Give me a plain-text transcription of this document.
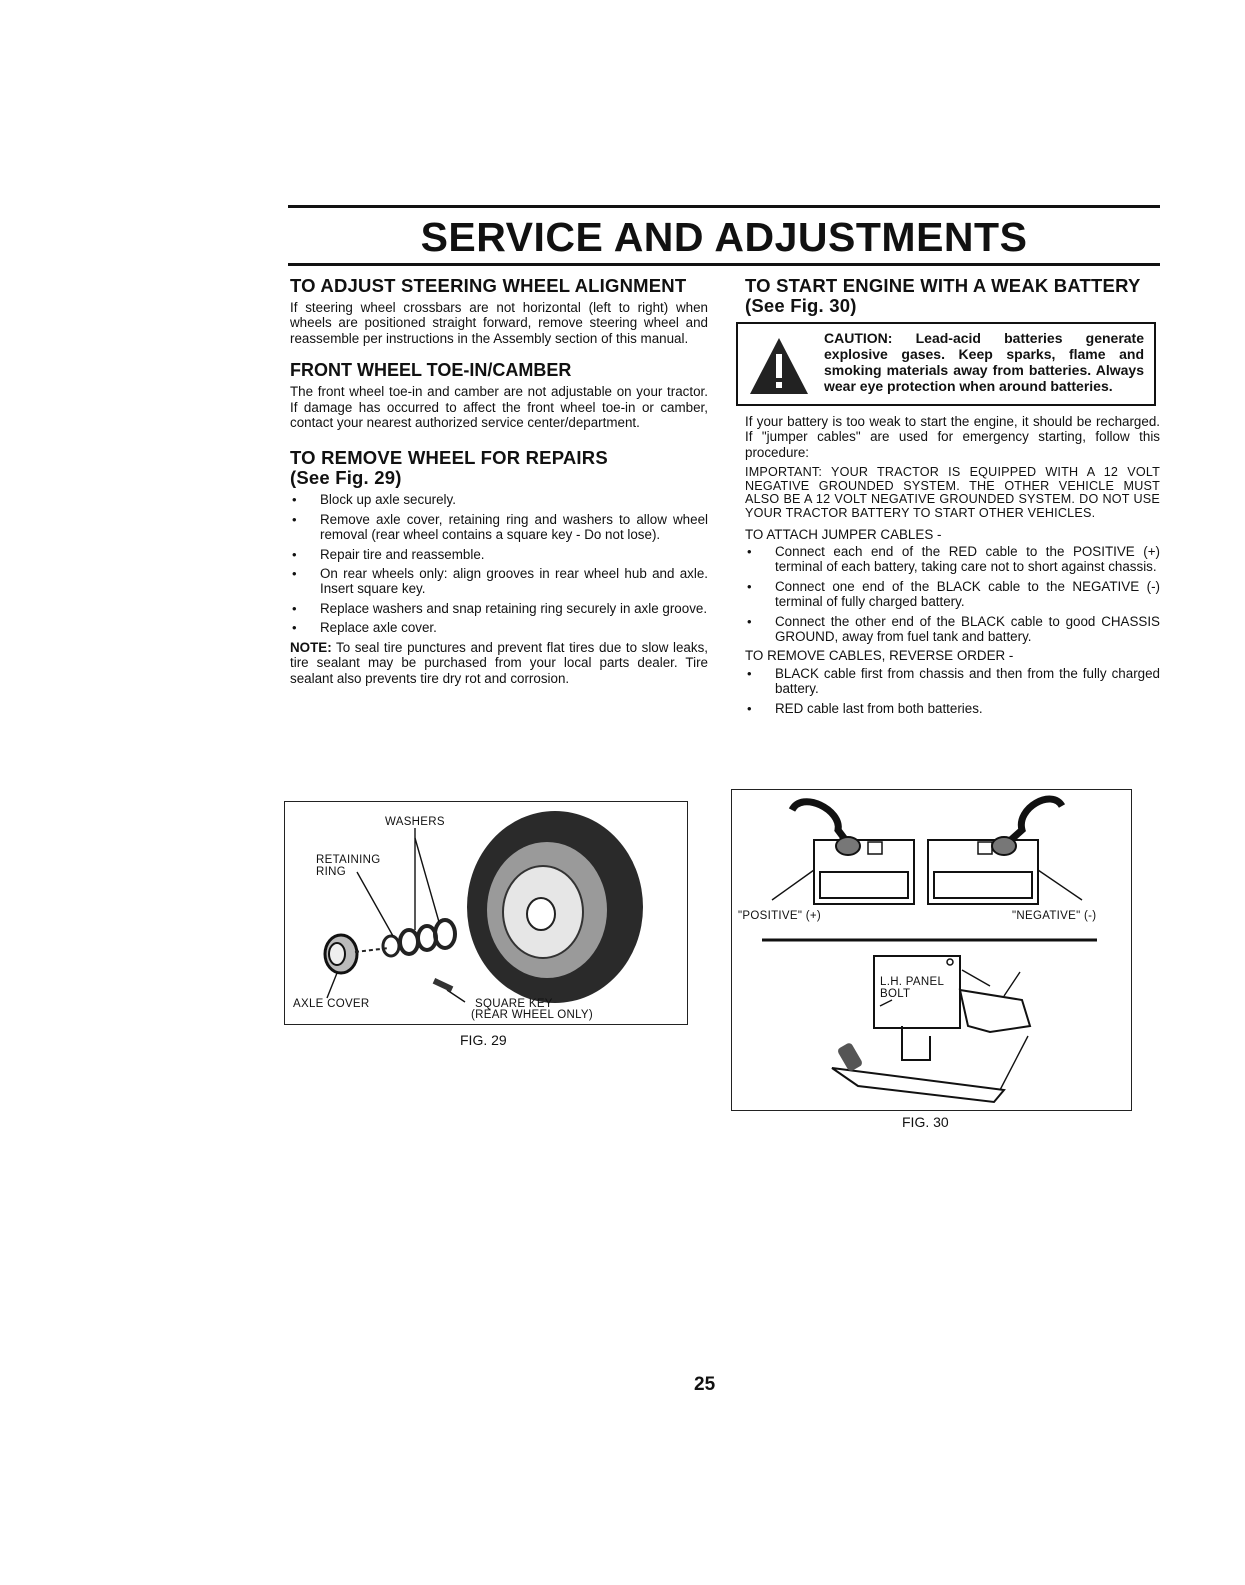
SERVICE AND ADJUSTMENTS
TO ADJUST STEERING WHEEL ALIGNMENT

If steering wheel crossbars are not horizontal (left to right) when wheels are positioned straight forward, remove steering wheel and reassemble per instructions in the Assembly section of this manual.

FRONT WHEEL TOE-IN/CAMBER

The front wheel toe-in and camber are not adjustable on your tractor. If damage has occurred to affect the front wheel toe-in or camber, contact your nearest authorized service center/department.

TO REMOVE WHEEL FOR REPAIRS
(See Fig. 29)
• Block up axle securely.
• Remove axle cover, retaining ring and washers to allow wheel removal (rear wheel contains a square key - Do not lose).
• Repair tire and reassemble.
• On rear wheels only: align grooves in rear wheel hub and axle. Insert square key.
• Replace washers and snap retaining ring securely in axle groove.
• Replace axle cover.

NOTE: To seal tire punctures and prevent flat tires due to slow leaks, tire sealant may be purchased from your local parts dealer. Tire sealant also prevents tire dry rot and corrosion.

WASHERS
RETAINING
RING
AXLE COVER	SQUARE KEY
(REAR WHEEL ONLY)
FIG. 29
TO START ENGINE WITH A WEAK BATTERY
(See Fig. 30)
CAUTION: Lead-acid batteries generate explosive gases. Keep sparks, flame and smoking materials away from batteries. Always wear eye protection when around batteries.

If your battery is too weak to start the engine, it should be recharged. If "jumper cables" are used for emergency starting, follow this procedure:

IMPORTANT: YOUR TRACTOR IS EQUIPPED WITH A 12 VOLT NEGATIVE GROUNDED SYSTEM. THE OTHER VEHICLE MUST ALSO BE A 12 VOLT NEGATIVE GROUNDED SYSTEM. DO NOT USE YOUR TRACTOR BATTERY TO START OTHER VEHICLES.

TO ATTACH JUMPER CABLES -

• Connect each end of the RED cable to the POSITIVE (+) terminal of each battery, taking care not to short against chassis.
• Connect one end of the BLACK cable to the NEGATIVE (-) terminal of fully charged battery.
• Connect the other end of the BLACK cable to good CHASSIS GROUND, away from fuel tank and battery.

TO REMOVE CABLES, REVERSE ORDER -

• BLACK cable first from chassis and then from the fully charged battery.
• RED cable last from both batteries.
"POSITIVE" (+)	"NEGATIVE" (-)
L.H. PANEL
BOLT
FIG. 30
25
